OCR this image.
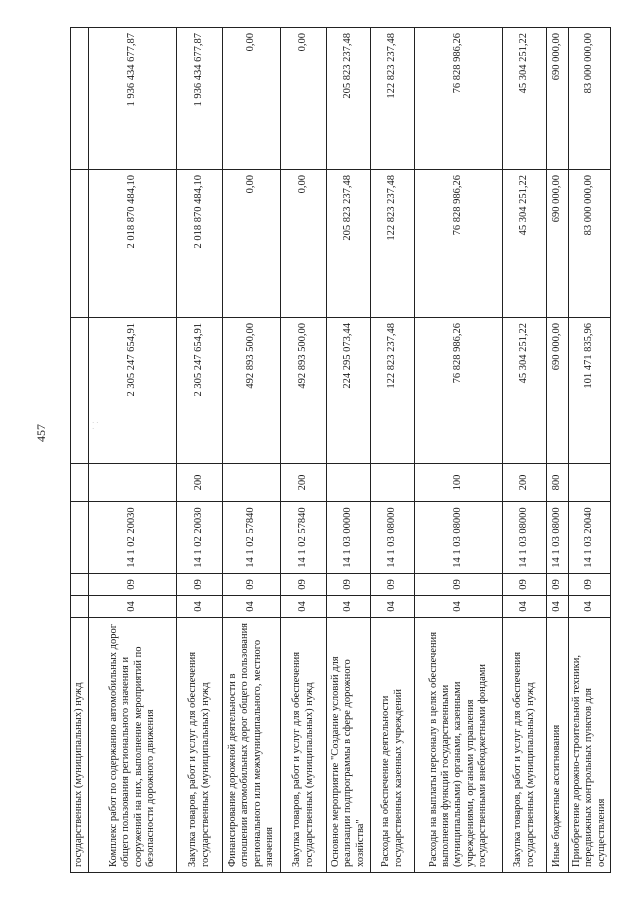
457
· ·
·
государственных (муниципальных) нужд							
Комплекс работ по содержанию автомобильных дорог общего пользования регионального значения и сооружений на них, выполнение мероприятий по безопасности дорожного движения	04	09	14 1 02 20030		2 305 247 654,91	2 018 870 484,10	1 936 434 677,87
Закупка товаров, работ и услуг для обеспечения государственных (муниципальных) нужд	04	09	14 1 02 20030	200	2 305 247 654,91	2 018 870 484,10	1 936 434 677,87
Финансирование дорожной деятельности в отношении автомобильных дорог общего пользования регионального или межмуниципального, местного значения	04	09	14 1 02 57840		492 893 500,00	0,00	0,00
Закупка товаров, работ и услуг для обеспечения государственных (муниципальных) нужд	04	09	14 1 02 57840	200	492 893 500,00	0,00	0,00
Основное мероприятие "Создание условий для реализации подпрограммы в сфере дорожного хозяйства"	04	09	14 1 03 00000		224 295 073,44	205 823 237,48	205 823 237,48
Расходы на обеспечение деятельности государственных казенных учреждений	04	09	14 1 03 08000		122 823 237,48	122 823 237,48	122 823 237,48
Расходы на выплаты персоналу в целях обеспечения выполнения функций государственными (муниципальными) органами, казенными учреждениями, органами управления государственными внебюджетными фондами	04	09	14 1 03 08000	100	76 828 986,26	76 828 986,26	76 828 986,26
Закупка товаров, работ и услуг для обеспечения государственных (муниципальных) нужд	04	09	14 1 03 08000	200	45 304 251,22	45 304 251,22	45 304 251,22
Иные бюджетные ассигнования	04	09	14 1 03 08000	800	690 000,00	690 000,00	690 000,00
Приобретение дорожно-строительной техники, передвижных контрольных пунктов для осуществления	04	09	14 1 03 20040		101 471 835,96	83 000 000,00	83 000 000,00
